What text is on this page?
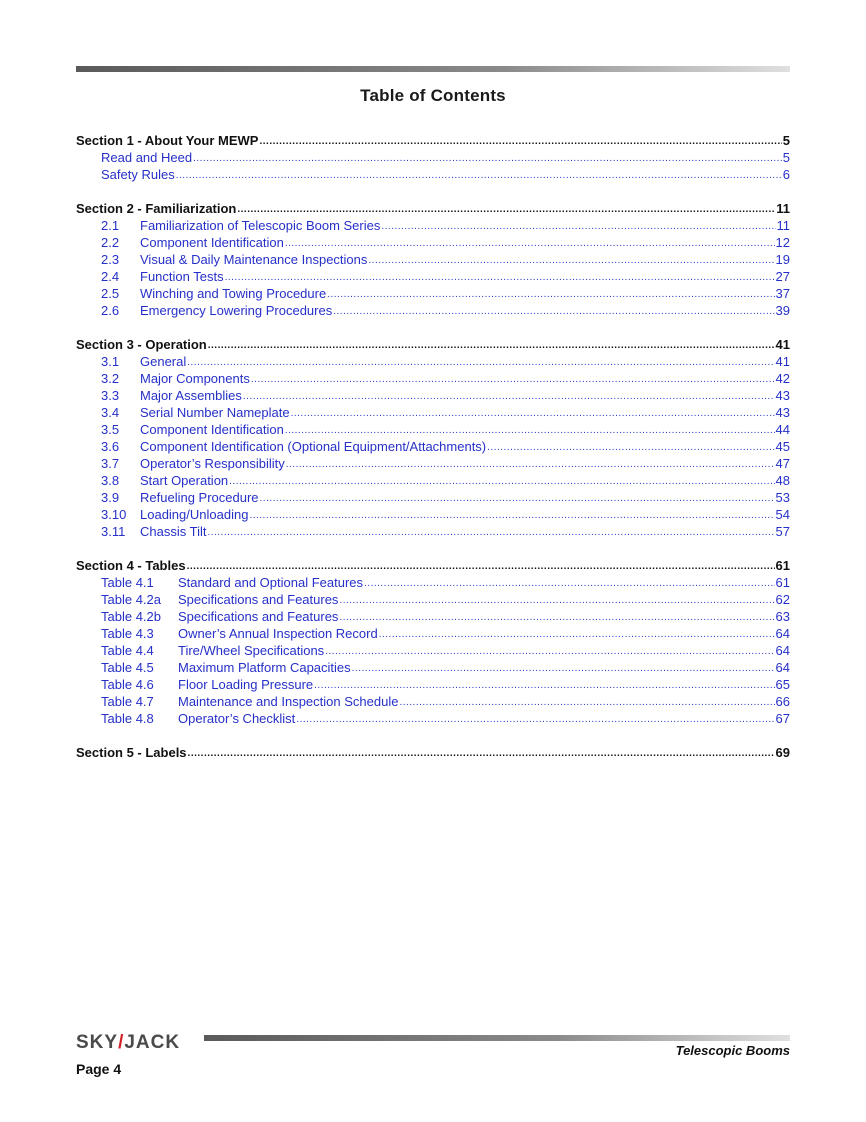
Table of Contents
Section 1 - About Your MEWP .....	5
Read and Heed .....	5
Safety Rules .....	6
Section 2 - Familiarization .....	11
2.1	Familiarization of Telescopic Boom Series .....	11
2.2	Component Identification .....	12
2.3	Visual & Daily Maintenance Inspections .....	19
2.4	Function Tests .....	27
2.5	Winching and Towing Procedure .....	37
2.6	Emergency Lowering Procedures .....	39
Section 3 - Operation .....	41
3.1	General .....	41
3.2	Major Components .....	42
3.3	Major Assemblies .....	43
3.4	Serial Number Nameplate .....	43
3.5	Component Identification .....	44
3.6	Component Identification (Optional Equipment/Attachments) .....	45
3.7	Operator’s Responsibility .....	47
3.8	Start Operation .....	48
3.9	Refueling Procedure .....	53
3.10	Loading/Unloading .....	54
3.11	Chassis Tilt .....	57
Section 4 - Tables .....	61
Table 4.1	Standard and Optional Features .....	61
Table 4.2a	Specifications and Features .....	62
Table 4.2b	Specifications and Features .....	63
Table 4.3	Owner’s Annual Inspection Record .....	64
Table 4.4	Tire/Wheel Specifications .....	64
Table 4.5	Maximum Platform Capacities .....	64
Table 4.6	Floor Loading Pressure .....	65
Table 4.7	Maintenance and Inspection Schedule .....	66
Table 4.8	Operator’s Checklist .....	67
Section 5 - Labels .....	69
SKY/JACK
Page 4
Telescopic Booms
